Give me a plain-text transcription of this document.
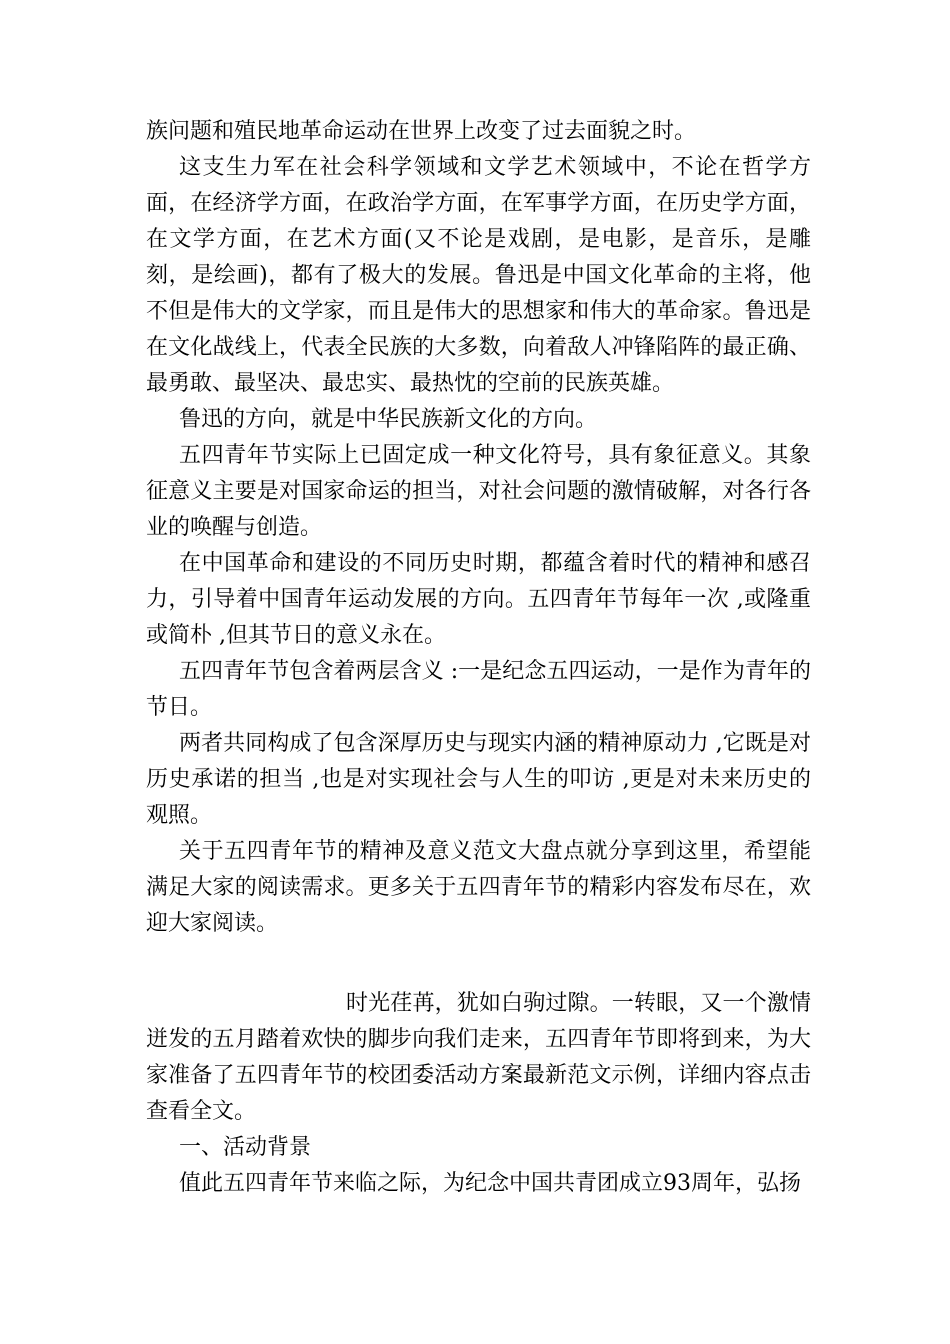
族问题和殖民地革命运动在世界上改变了过去面貌之时。

这支生力军在社会科学领域和文学艺术领域中，不论在哲学方面，在经济学方面，在政治学方面，在军事学方面，在历史学方面，在文学方面，在艺术方面(又不论是戏剧，是电影，是音乐，是雕刻，是绘画)，都有了极大的发展。鲁迅是中国文化革命的主将，他不但是伟大的文学家，而且是伟大的思想家和伟大的革命家。鲁迅是在文化战线上，代表全民族的大多数，向着敌人冲锋陷阵的最正确、最勇敢、最坚决、最忠实、最热忱的空前的民族英雄。

鲁迅的方向，就是中华民族新文化的方向。

五四青年节实际上已固定成一种文化符号，具有象征意义。其象征意义主要是对国家命运的担当，对社会问题的激情破解，对各行各业的唤醒与创造。

在中国革命和建设的不同历史时期，都蕴含着时代的精神和感召力，引导着中国青年运动发展的方向。五四青年节每年一次 ,或隆重或简朴 ,但其节日的意义永在。

五四青年节包含着两层含义 :一是纪念五四运动，一是作为青年的节日。

两者共同构成了包含深厚历史与现实内涵的精神原动力 ,它既是对历史承诺的担当 ,也是对实现社会与人生的叩访 ,更是对未来历史的观照。

关于五四青年节的精神及意义范文大盘点就分享到这里，希望能满足大家的阅读需求。更多关于五四青年节的精彩内容发布尽在，欢迎大家阅读。

时光荏苒，犹如白驹过隙。一转眼，又一个激情迸发的五月踏着欢快的脚步向我们走来，五四青年节即将到来，为大家准备了五四青年节的校团委活动方案最新范文示例，详细内容点击查看全文。

一、活动背景

值此五四青年节来临之际，为纪念中国共青团成立93周年，弘扬
